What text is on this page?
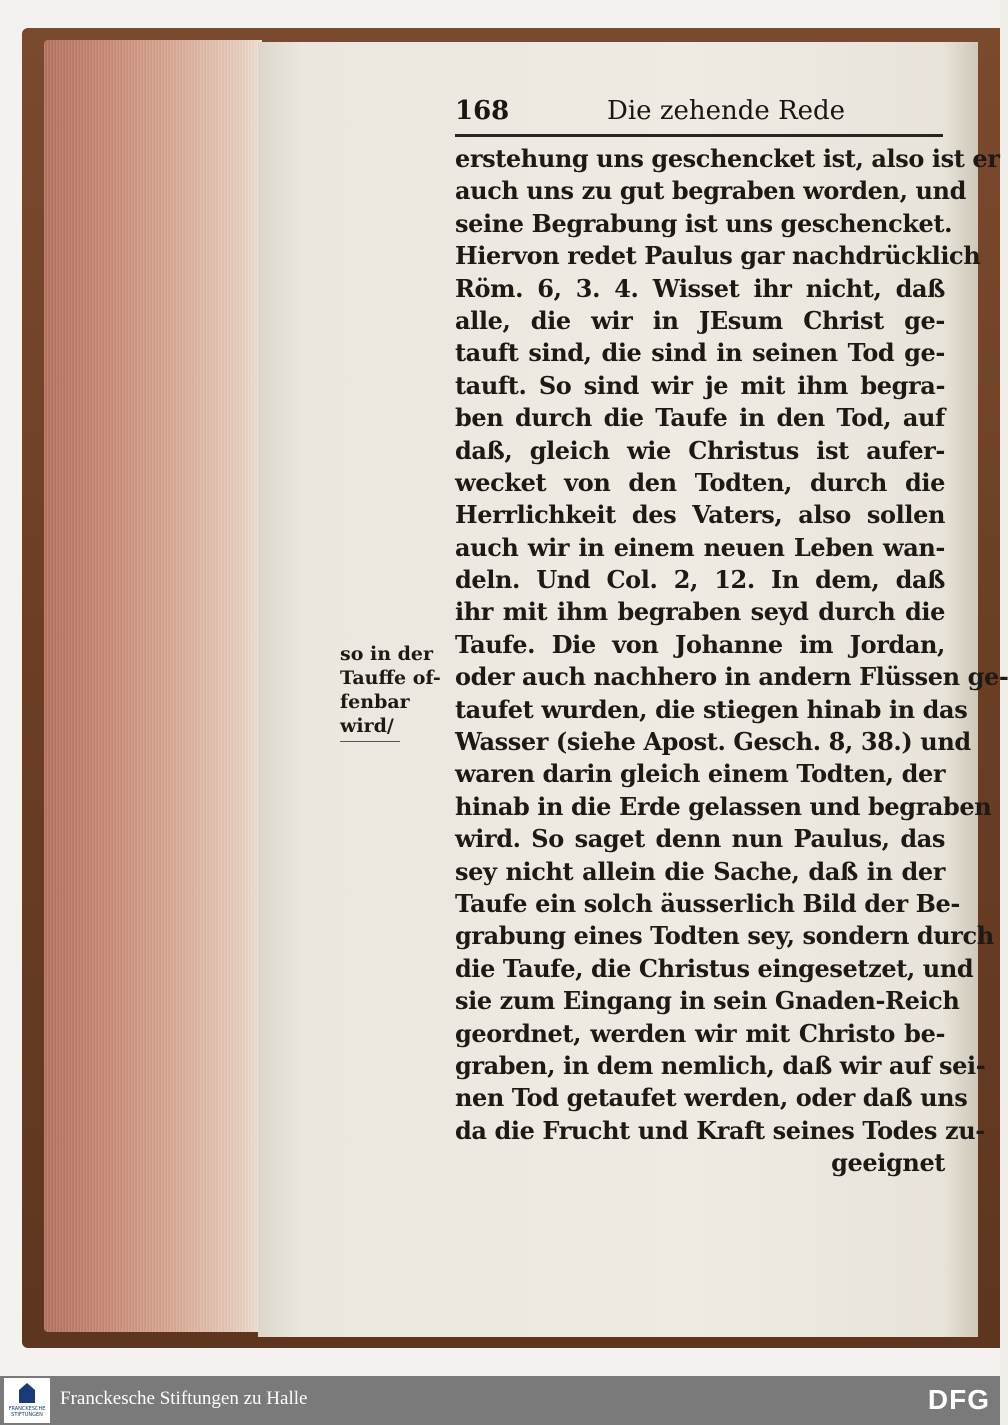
168	Die zehende Rede
so in der
Tauffe of-
fenbar
wird/
erstehung uns geschencket ist, also ist er
auch uns zu gut begraben worden, und
seine Begrabung ist uns geschencket.
Hiervon redet Paulus gar nachdrücklich
Röm. 6, 3. 4. Wisset ihr nicht, daß
alle, die wir in JEsum Christ ge-
tauft sind, die sind in seinen Tod ge-
tauft. So sind wir je mit ihm begra-
ben durch die Taufe in den Tod, auf
daß, gleich wie Christus ist aufer-
wecket von den Todten, durch die
Herrlichkeit des Vaters, also sollen
auch wir in einem neuen Leben wan-
deln. Und Col. 2, 12. In dem, daß
ihr mit ihm begraben seyd durch die
Taufe. Die von Johanne im Jordan,
oder auch nachhero in andern Flüssen ge-
taufet wurden, die stiegen hinab in das
Wasser (siehe Apost. Gesch. 8, 38.) und
waren darin gleich einem Todten, der
hinab in die Erde gelassen und begraben
wird. So saget denn nun Paulus, das
sey nicht allein die Sache, daß in der
Taufe ein solch äusserlich Bild der Be-
grabung eines Todten sey, sondern durch
die Taufe, die Christus eingesetzet, und
sie zum Eingang in sein Gnaden-Reich
geordnet, werden wir mit Christo be-
graben, in dem nemlich, daß wir auf sei-
nen Tod getaufet werden, oder daß uns
da die Frucht und Kraft seines Todes zu-
geeignet
FRANCKESCHE
STIFTUNGEN
Franckesche Stiftungen zu Halle	DFG
